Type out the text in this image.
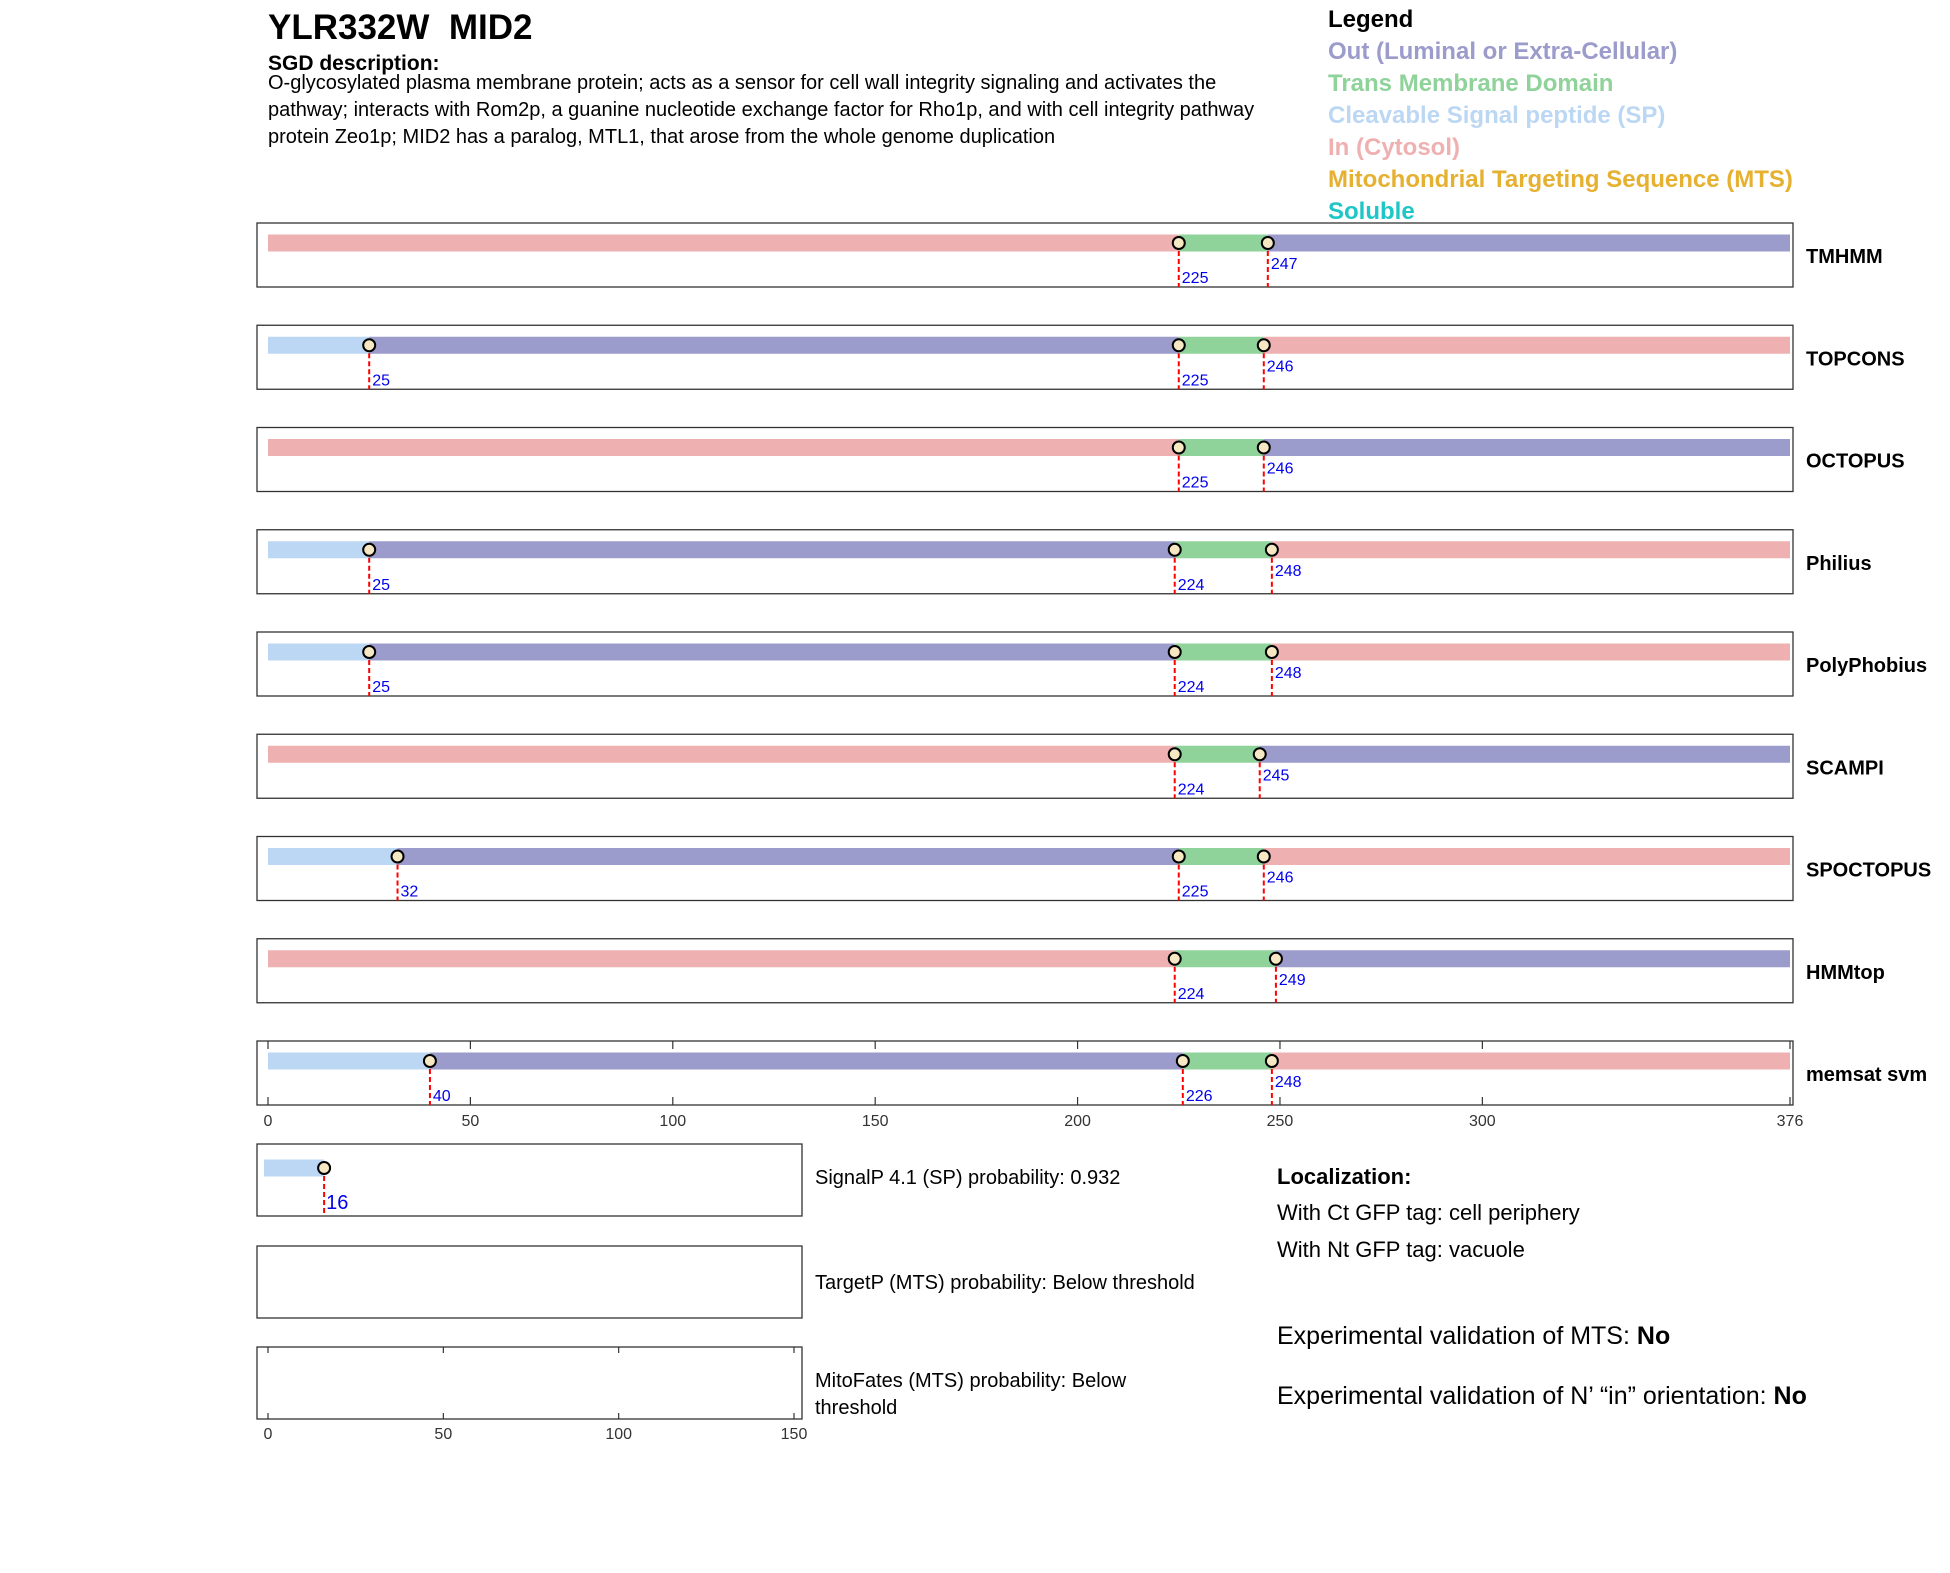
YLR332W  MID2
SGD description:
O-glycosylated plasma membrane protein; acts as a sensor for cell wall integrity signaling and activates the pathway; interacts with Rom2p, a guanine nucleotide exchange factor for Rho1p, and with cell integrity pathway protein Zeo1p; MID2 has a paralog, MTL1, that arose from the whole genome duplication
Legend
Out (Luminal or Extra-Cellular)
Trans Membrane Domain
Cleavable Signal peptide (SP)
In (Cytosol)
Mitochondrial Targeting Sequence (MTS)
Soluble
225
247	TMHMM
25	225
246	TOPCONS
225
246	OCTOPUS
25	224
248	Philius
25	224
248	PolyPhobius
224
245	SCAMPI
32	225
246	SPOCTOPUS
224
249	HMMtop
40	226
248	memsat svm
0	50	100	150	200	250	300	376
16
0	50	100	150
SignalP 4.1 (SP) probability: 0.932
TargetP (MTS) probability: Below threshold
MitoFates (MTS) probability: Below threshold
Localization:
With Ct GFP tag: cell periphery
With Nt GFP tag: vacuole
Experimental validation of MTS: No
Experimental validation of N’ “in” orientation: No
